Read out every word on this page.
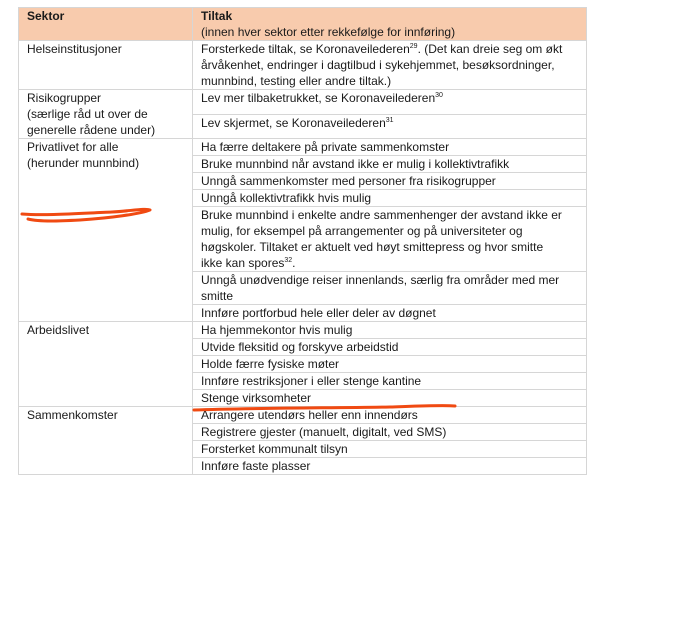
Sektor	Tiltak
(innen hver sektor etter rekkefølge for innføring)

Helseinstitusjoner	Forsterkede tiltak, se Koronaveilederen$^{29}$. (Det kan dreie seg om økt
årvåkenhet, endringer i dagtilbud i sykehjemmet, besøksordninger,
munnbind, testing eller andre tiltak.)

Risikogrupper
(særlige råd ut over de
generelle rådene under)	Lev mer tilbaketrukket, se Koronaveilederen$^{30}$

	Lev skjermet, se Koronaveilederen$^{31}$

Privatlivet for alle
(herunder munnbind)	Ha færre deltakere på private sammenkomster

	Bruke munnbind når avstand ikke er mulig i kollektivtrafikk

	Unngå sammenkomster med personer fra risikogrupper

	Unngå kollektivtrafikk hvis mulig

	Bruke munnbind i enkelte andre sammenhenger der avstand ikke er
mulig, for eksempel på arrangementer og på universiteter og
høgskoler. Tiltaket er aktuelt ved høyt smittepress og hvor smitte
ikke kan spores$^{32}$.

	Unngå unødvendige reiser innenlands, særlig fra områder med mer
smitte

	Innføre portforbud hele eller deler av døgnet

Arbeidslivet	Ha hjemmekontor hvis mulig

	Utvide fleksitid og forskyve arbeidstid

	Holde færre fysiske møter

	Innføre restriksjoner i eller stenge kantine

	Stenge virksomheter

Sammenkomster	Arrangere utendørs heller enn innendørs

	Registrere gjester (manuelt, digitalt, ved SMS)

	Forsterket kommunalt tilsyn

	Innføre faste plasser
